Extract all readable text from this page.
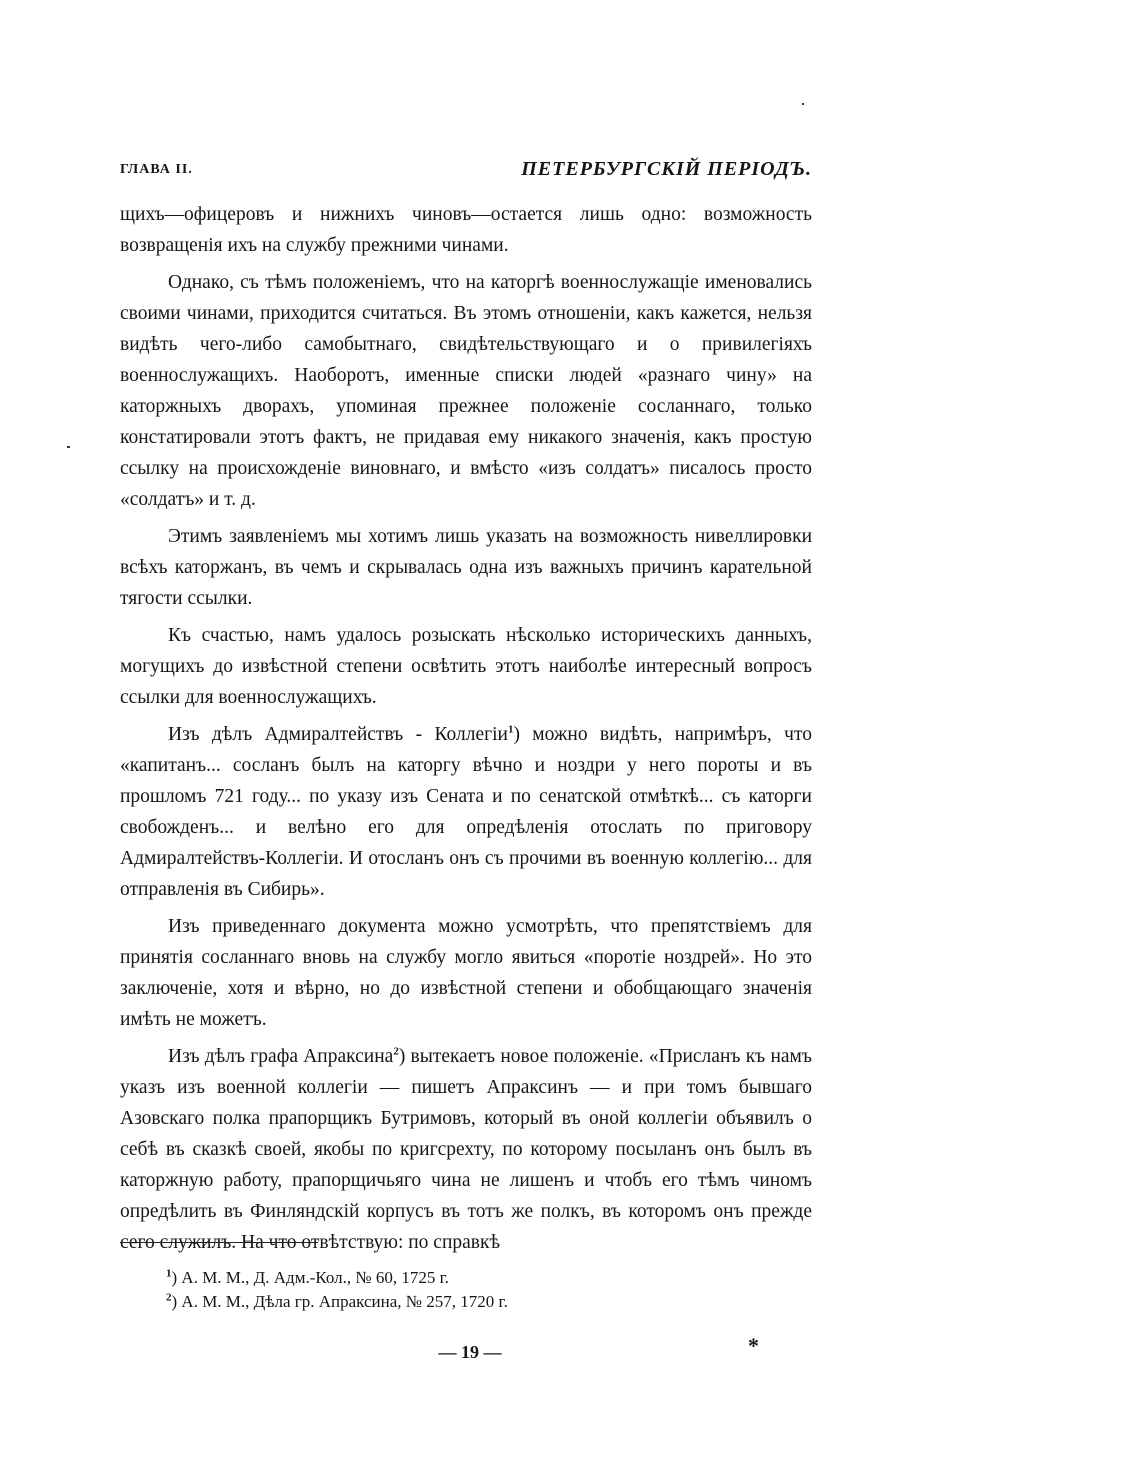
ГЛАВА II.	ПЕТЕРБУРГСКІЙ ПЕРІОДЪ.

щихъ—офицеровъ и нижнихъ чиновъ—остается лишь одно: возможность возвращенія ихъ на службу прежними чинами.

Однако, съ тѣмъ положеніемъ, что на каторгѣ военнослужащіе именовались своими чинами, приходится считаться. Въ этомъ отношеніи, какъ кажется, нельзя видѣть чего-либо самобытнаго, свидѣтельствующаго и о привилегіяхъ военнослужащихъ. Наоборотъ, именные списки людей «разнаго чину» на каторжныхъ дворахъ, упоминая прежнее положеніе сосланнаго, только констатировали этотъ фактъ, не придавая ему никакого значенія, какъ простую ссылку на происхожденіе виновнаго, и вмѣсто «изъ солдатъ» писалось просто «солдатъ» и т. д.

Этимъ заявленіемъ мы хотимъ лишь указать на возможность нивеллировки всѣхъ каторжанъ, въ чемъ и скрывалась одна изъ важныхъ причинъ карательной тягости ссылки.

Къ счастью, намъ удалось розыскать нѣсколько историческихъ данныхъ, могущихъ до извѣстной степени освѣтить этотъ наиболѣе интересный вопросъ ссылки для военнослужащихъ.

Изъ дѣлъ Адмиралтействъ - Коллегіи$^1$) можно видѣть, напримѣръ, что «капитанъ... сосланъ былъ на каторгу вѣчно и ноздри у него пороты и въ прошломъ 721 году... по указу изъ Сената и по сенатской отмѣткѣ... съ каторги свобожденъ... и велѣно его для опредѣленія отослать по приговору Адмиралтействъ-Коллегіи. И отосланъ онъ съ прочими въ военную коллегію... для отправленія въ Сибирь».

Изъ приведеннаго документа можно усмотрѣть, что препятствіемъ для принятія сосланнаго вновь на службу могло явиться «поротіе ноздрей». Но это заключеніе, хотя и вѣрно, но до извѣстной степени и обобщающаго значенія имѣть не можетъ.

Изъ дѣлъ графа Апраксина$^2$) вытекаетъ новое положеніе. «Присланъ къ намъ указъ изъ военной коллегіи — пишетъ Апраксинъ — и при томъ бывшаго Азовскаго полка прапорщикъ Бутримовъ, который въ оной коллегіи объявилъ о себѣ въ сказкѣ своей, якобы по кригсрехту, по которому посыланъ онъ былъ въ каторжную работу, прапорщичьяго чина не лишенъ и чтобъ его тѣмъ чиномъ опредѣлить въ Финляндскій корпусъ въ тотъ же полкъ, въ которомъ онъ прежде сего служилъ. На что отвѣтствую: по справкѣ

$^1$) А. М. М., Д. Адм.-Кол., № 60, 1725 г.
$^2$) А. М. М., Дѣла гр. Апраксина, № 257, 1720 г.
— 19 —	*
